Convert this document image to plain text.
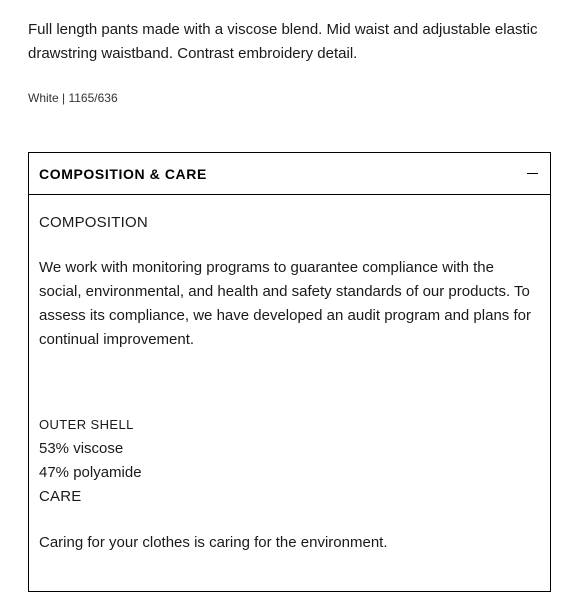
Full length pants made with a viscose blend. Mid waist and adjustable elastic drawstring waistband. Contrast embroidery detail.

White | 1165/636
COMPOSITION & CARE
COMPOSITION

We work with monitoring programs to guarantee compliance with the social, environmental, and health and safety standards of our products. To assess its compliance, we have developed an audit program and plans for continual improvement.

OUTER SHELL
53% viscose
47% polyamide
CARE

Caring for your clothes is caring for the environment.
